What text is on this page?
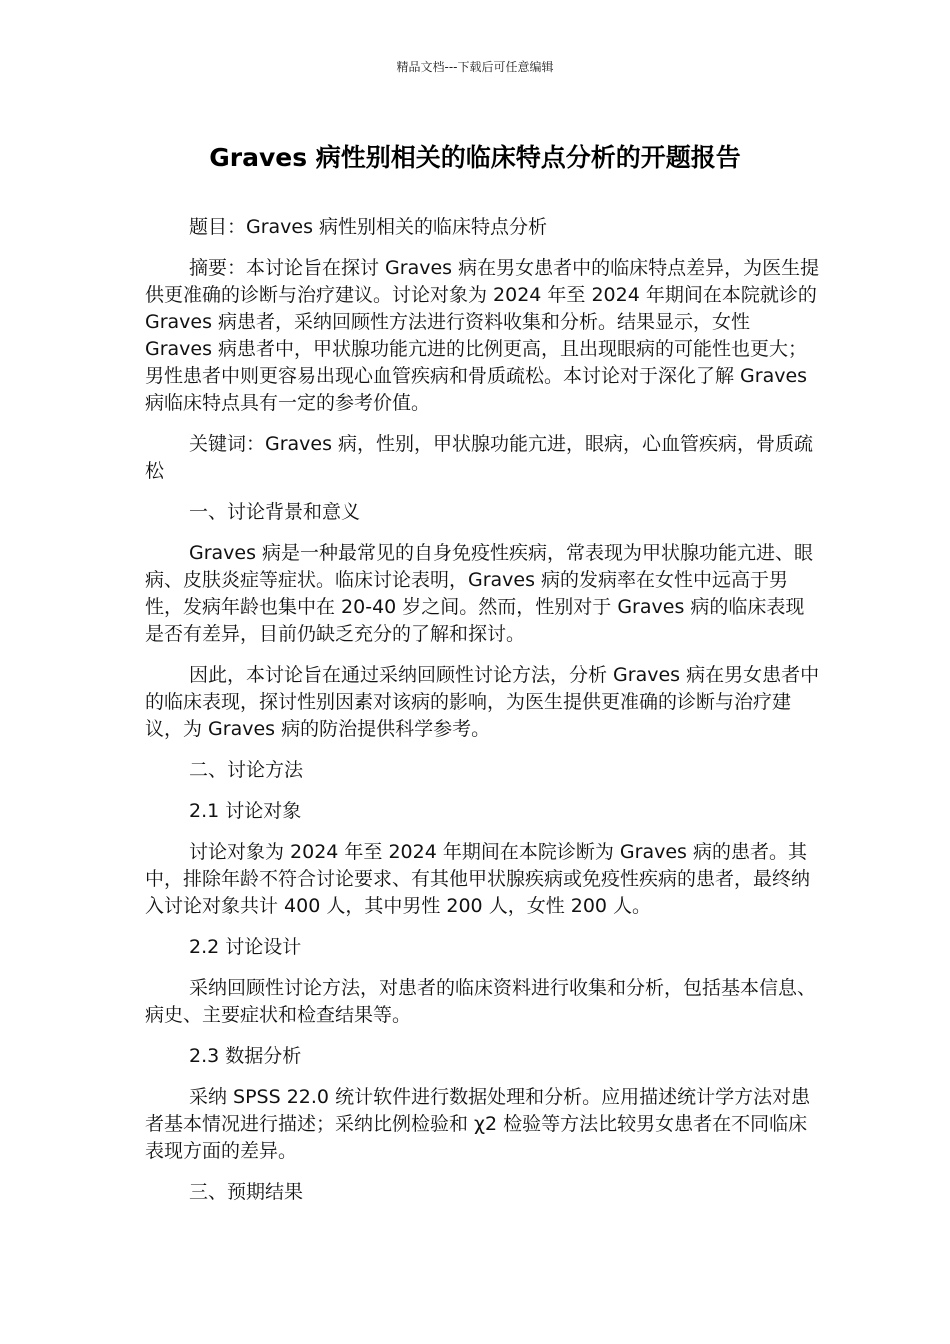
精品文档---下载后可任意编辑
Graves 病性别相关的临床特点分析的开题报告

题目：Graves 病性别相关的临床特点分析

摘要：本讨论旨在探讨 Graves 病在男女患者中的临床特点差异，为医生提供更准确的诊断与治疗建议。讨论对象为 2024 年至 2024 年期间在本院就诊的 Graves 病患者，采纳回顾性方法进行资料收集和分析。结果显示，女性 Graves 病患者中，甲状腺功能亢进的比例更高，且出现眼病的可能性也更大；男性患者中则更容易出现心血管疾病和骨质疏松。本讨论对于深化了解 Graves 病临床特点具有一定的参考价值。

关键词：Graves 病，性别，甲状腺功能亢进，眼病，心血管疾病，骨质疏松

一、讨论背景和意义

Graves 病是一种最常见的自身免疫性疾病，常表现为甲状腺功能亢进、眼病、皮肤炎症等症状。临床讨论表明，Graves 病的发病率在女性中远高于男性，发病年龄也集中在 20-40 岁之间。然而，性别对于 Graves 病的临床表现是否有差异，目前仍缺乏充分的了解和探讨。

因此，本讨论旨在通过采纳回顾性讨论方法，分析 Graves 病在男女患者中的临床表现，探讨性别因素对该病的影响，为医生提供更准确的诊断与治疗建议，为 Graves 病的防治提供科学参考。

二、讨论方法

2.1 讨论对象

讨论对象为 2024 年至 2024 年期间在本院诊断为 Graves 病的患者。其中，排除年龄不符合讨论要求、有其他甲状腺疾病或免疫性疾病的患者，最终纳入讨论对象共计 400 人，其中男性 200 人，女性 200 人。

2.2 讨论设计

采纳回顾性讨论方法，对患者的临床资料进行收集和分析，包括基本信息、病史、主要症状和检查结果等。

2.3 数据分析

采纳 SPSS 22.0 统计软件进行数据处理和分析。应用描述统计学方法对患者基本情况进行描述；采纳比例检验和 χ2 检验等方法比较男女患者在不同临床表现方面的差异。

三、预期结果
